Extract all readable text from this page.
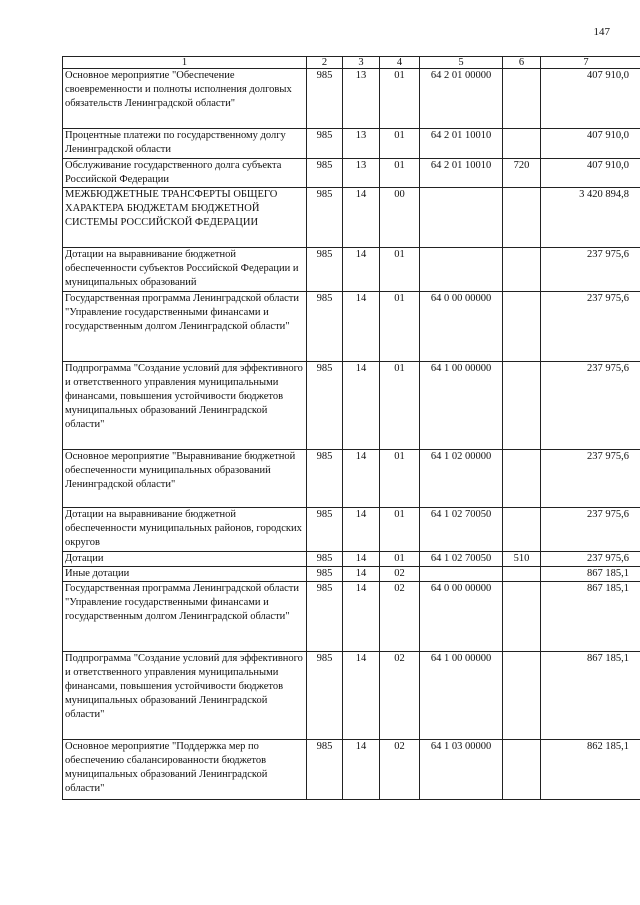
147
1	2	3	4	5	6	7
Основное мероприятие "Обеспечение своевременности и полноты исполнения долговых обязательств Ленинградской области"	985	13	01	64 2 01 00000		407 910,0
Процентные платежи по государственному долгу Ленинградской области	985	13	01	64 2 01 10010		407 910,0
Обслуживание государственного долга субъекта Российской Федерации	985	13	01	64 2 01 10010	720	407 910,0
МЕЖБЮДЖЕТНЫЕ ТРАНСФЕРТЫ ОБЩЕГО ХАРАКТЕРА БЮДЖЕТАМ БЮДЖЕТНОЙ СИСТЕМЫ РОССИЙСКОЙ ФЕДЕРАЦИИ	985	14	00			3 420 894,8
Дотации на выравнивание бюджетной обеспеченности субъектов Российской Федерации и муниципальных образований	985	14	01			237 975,6
Государственная программа Ленинградской области "Управление государственными финансами и государственным долгом Ленинградской области"	985	14	01	64 0 00 00000		237 975,6
Подпрограмма "Создание условий для эффективного и ответственного управления муниципальными финансами, повышения устойчивости бюджетов муниципальных образований Ленинградской области"	985	14	01	64 1 00 00000		237 975,6
Основное мероприятие "Выравнивание бюджетной обеспеченности муниципальных образований Ленинградской области"	985	14	01	64 1 02 00000		237 975,6
Дотации на выравнивание бюджетной обеспеченности муниципальных районов, городских округов	985	14	01	64 1 02 70050		237 975,6
Дотации	985	14	01	64 1 02 70050	510	237 975,6
Иные дотации	985	14	02			867 185,1
Государственная программа Ленинградской области "Управление государственными финансами и государственным долгом Ленинградской области"	985	14	02	64 0 00 00000		867 185,1
Подпрограмма "Создание условий для эффективного и ответственного управления муниципальными финансами, повышения устойчивости бюджетов муниципальных образований Ленинградской области"	985	14	02	64 1 00 00000		867 185,1
Основное мероприятие "Поддержка мер по обеспечению сбалансированности бюджетов муниципальных образований Ленинградской области"	985	14	02	64 1 03 00000		862 185,1
